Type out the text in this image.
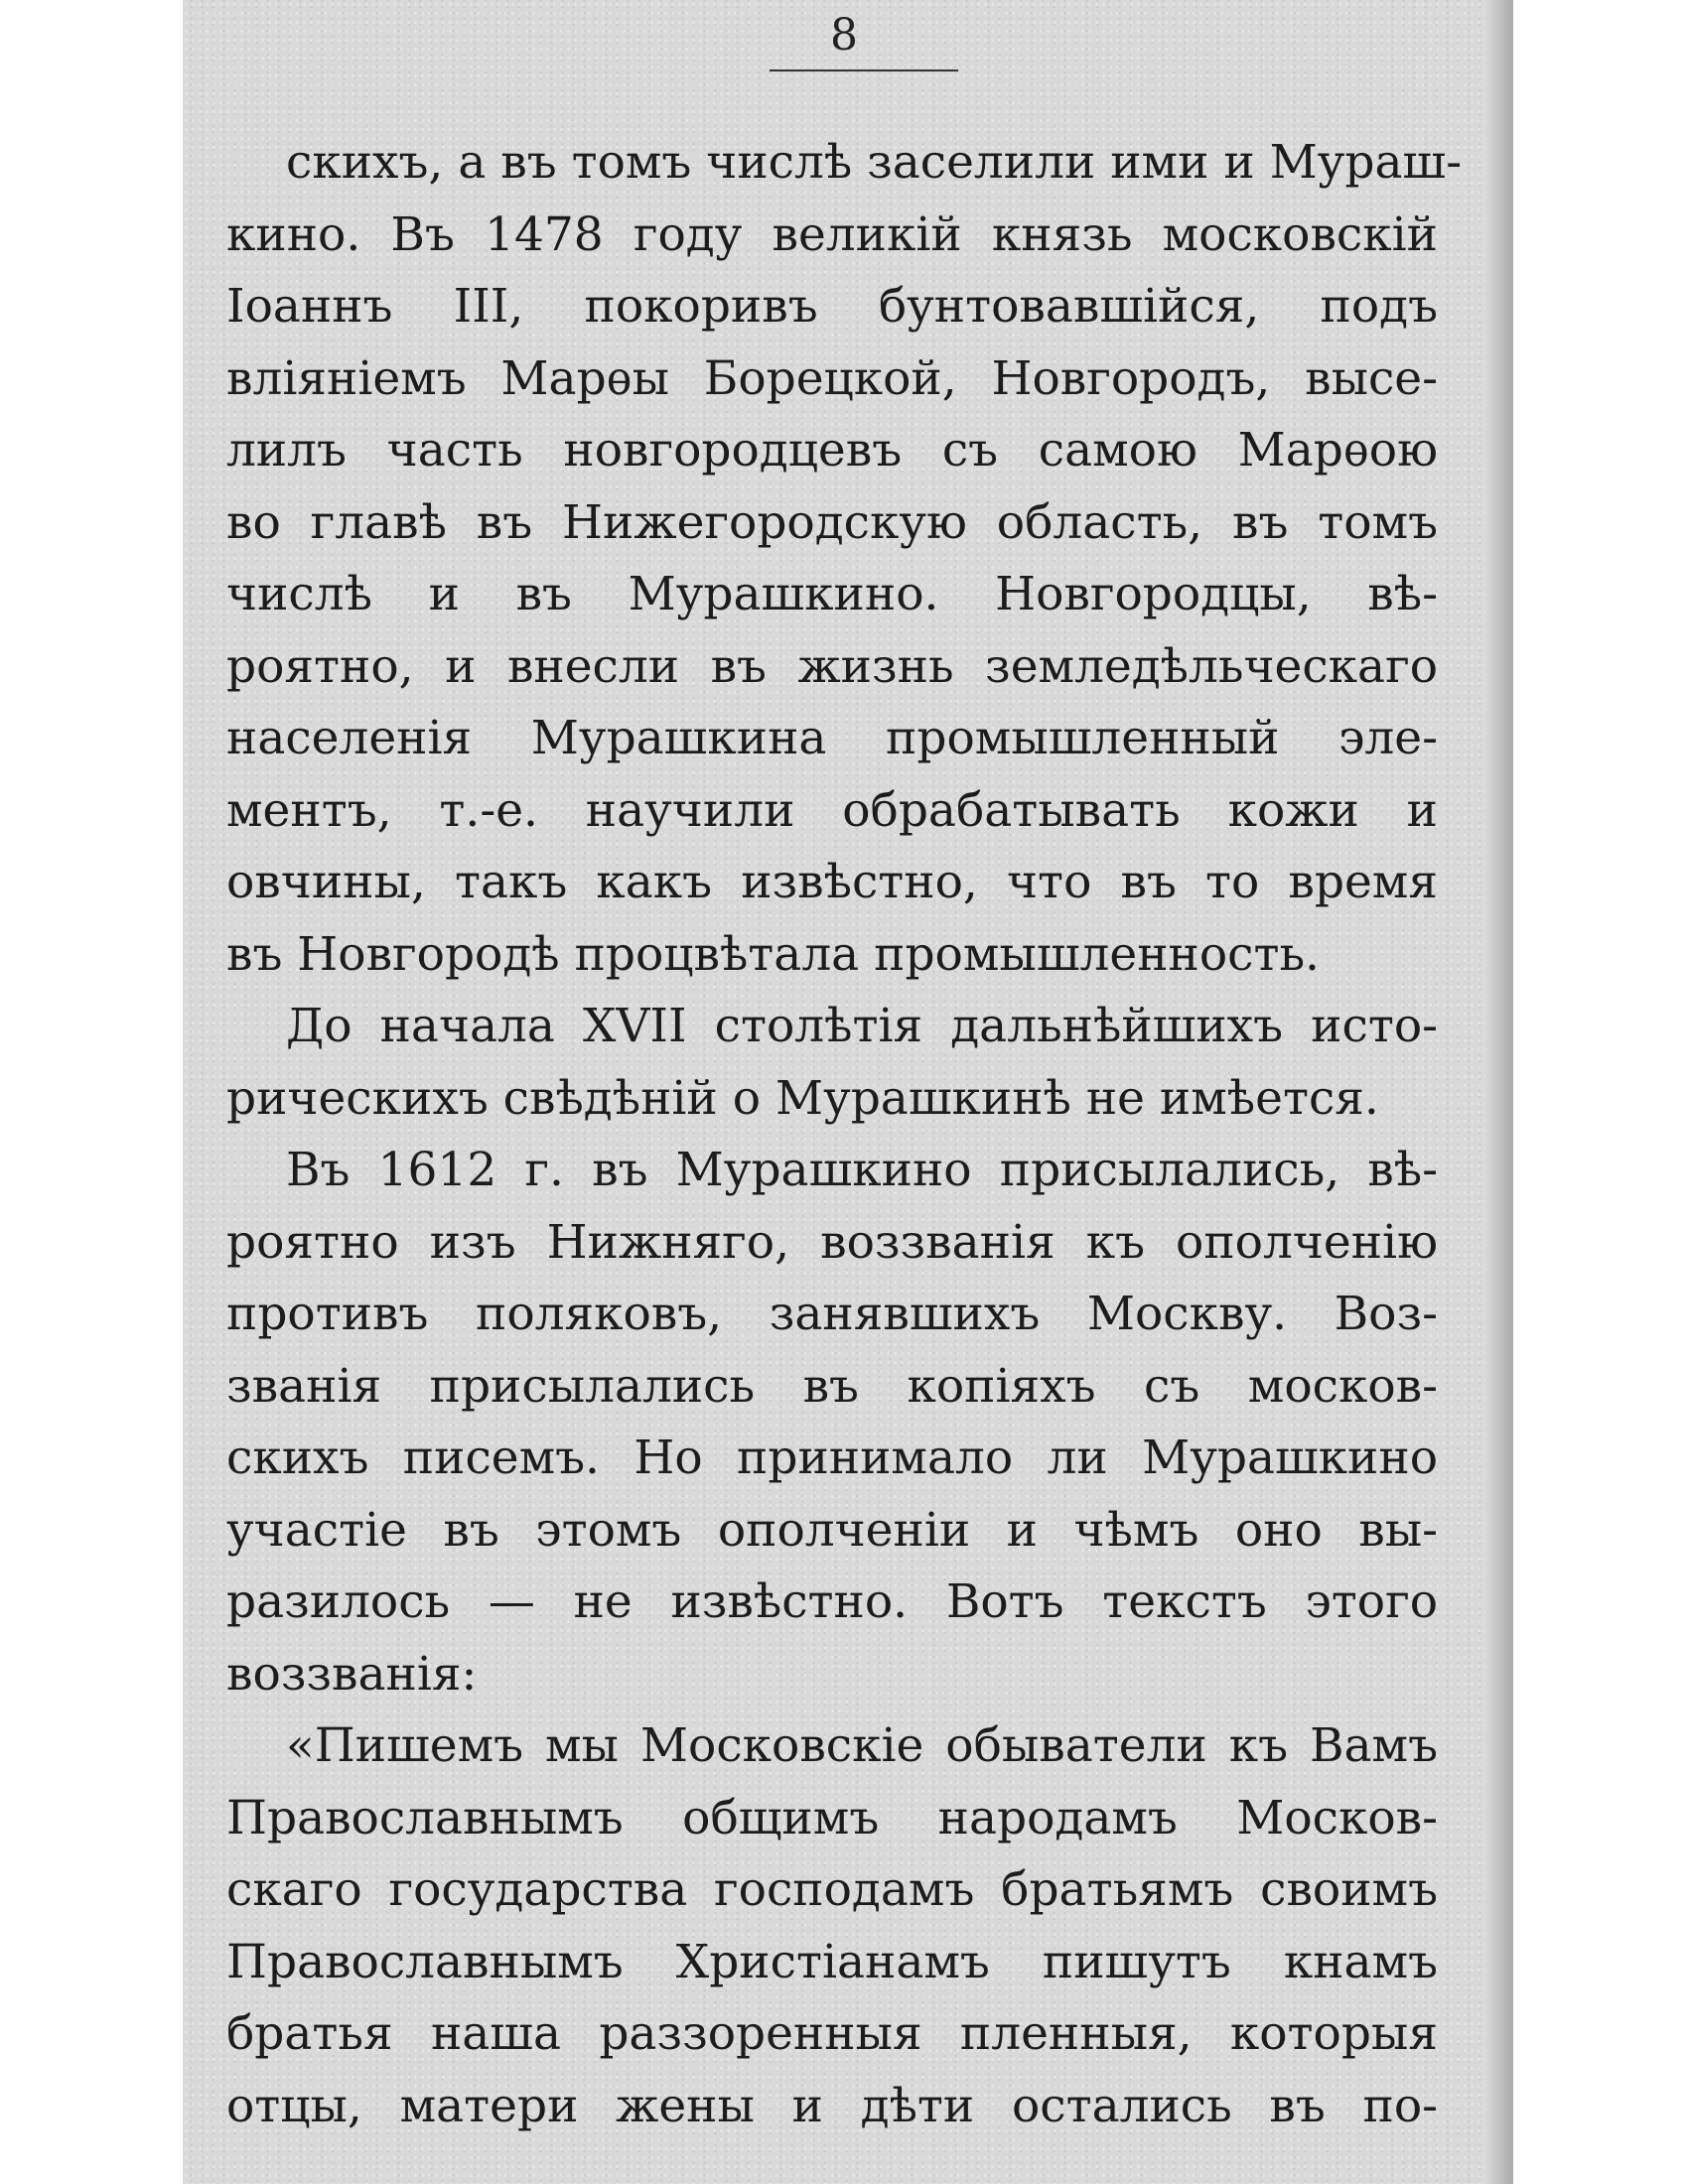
8
скихъ, а въ томъ числѣ заселили ими и Мураш-
кино. Въ 1478 году великій князь московскій
Іоаннъ III, покоривъ бунтовавшійся, подъ
вліяніемъ Марѳы Борецкой, Новгородъ, высе-
лилъ часть новгородцевъ съ самою Марѳою
во главѣ въ Нижегородскую область, въ томъ
числѣ и въ Мурашкино. Новгородцы, вѣ-
роятно, и внесли въ жизнь земледѣльческаго
населенія Мурашкина промышленный эле-
ментъ, т.-е. научили обрабатывать кожи и
овчины, такъ какъ извѣстно, что въ то время
въ Новгородѣ процвѣтала промышленность.
До начала XVII столѣтія дальнѣйшихъ исто-
рическихъ свѣдѣній о Мурашкинѣ не имѣется.
Въ 1612 г. въ Мурашкино присылались, вѣ-
роятно изъ Нижняго, воззванія къ ополченію
противъ поляковъ, занявшихъ Москву. Воз-
званія присылались въ копіяхъ съ москов-
скихъ писемъ. Но принимало ли Мурашкино
участіе въ этомъ ополченіи и чѣмъ оно вы-
разилось — не извѣстно. Вотъ текстъ этого
воззванія:
«Пишемъ мы Московскіе обыватели къ Вамъ
Православнымъ общимъ народамъ Москов-
скаго государства господамъ братьямъ своимъ
Православнымъ Христіанамъ пишутъ кнамъ
братья наша раззоренныя пленныя, которыя
отцы, матери жены и дѣти остались въ по-
